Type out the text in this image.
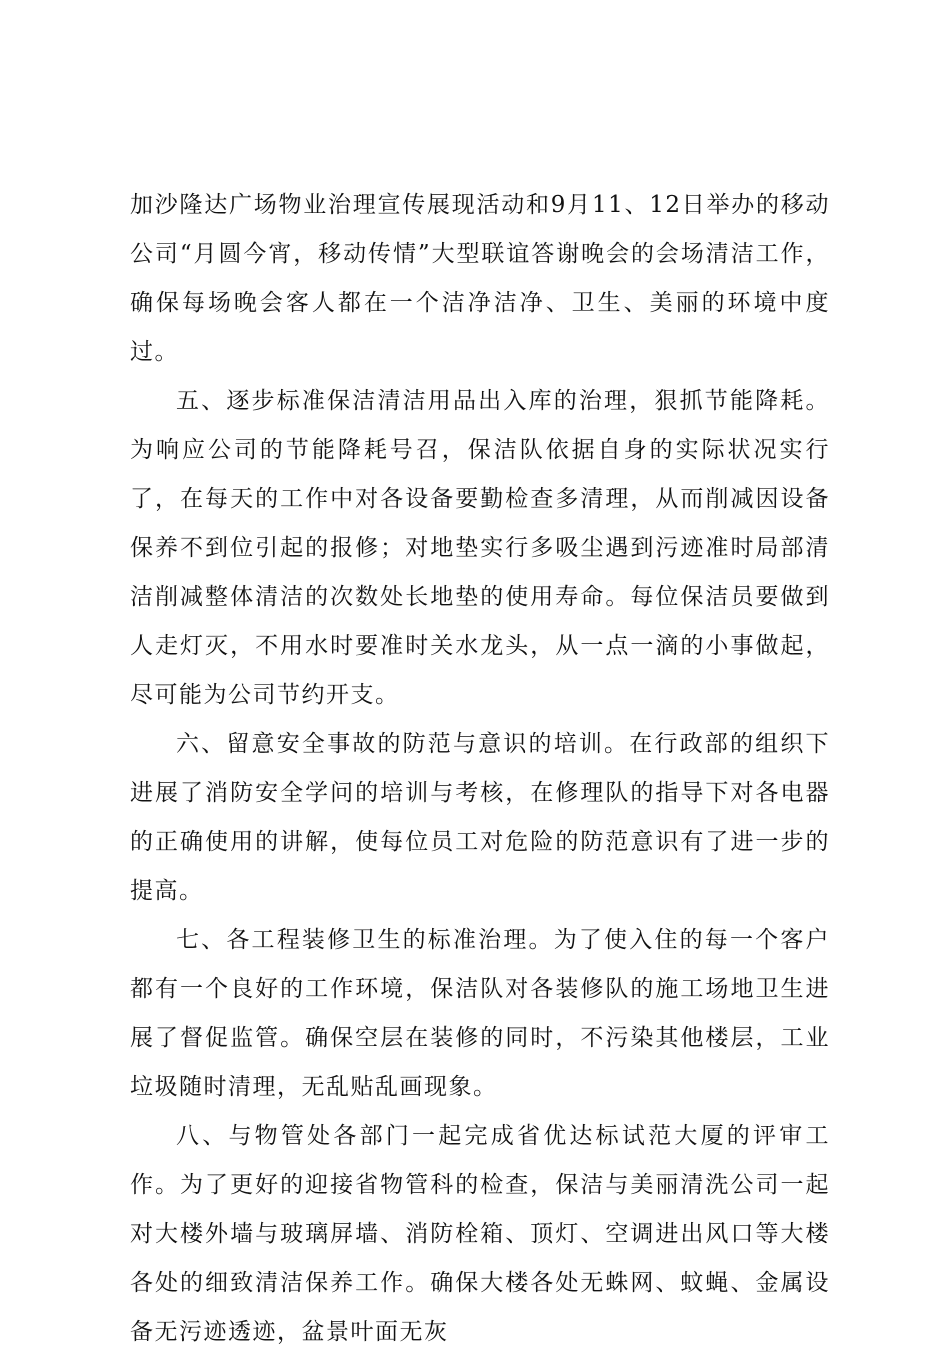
加沙隆达广场物业治理宣传展现活动和9月11、12日举办的移动公司“月圆今宵，移动传情”大型联谊答谢晚会的会场清洁工作，确保每场晚会客人都在一个洁净洁净、卫生、美丽的环境中度过。

五、逐步标准保洁清洁用品出入库的治理，狠抓节能降耗。为响应公司的节能降耗号召，保洁队依据自身的实际状况实行了，在每天的工作中对各设备要勤检查多清理，从而削减因设备保养不到位引起的报修；对地垫实行多吸尘遇到污迹准时局部清洁削减整体清洁的次数处长地垫的使用寿命。每位保洁员要做到人走灯灭，不用水时要准时关水龙头，从一点一滴的小事做起，尽可能为公司节约开支。

六、留意安全事故的防范与意识的培训。在行政部的组织下进展了消防安全学问的培训与考核，在修理队的指导下对各电器的正确使用的讲解，使每位员工对危险的防范意识有了进一步的提高。

七、各工程装修卫生的标准治理。为了使入住的每一个客户都有一个良好的工作环境，保洁队对各装修队的施工场地卫生进展了督促监管。确保空层在装修的同时，不污染其他楼层，工业垃圾随时清理，无乱贴乱画现象。

八、与物管处各部门一起完成省优达标试范大厦的评审工作。为了更好的迎接省物管科的检查，保洁与美丽清洗公司一起对大楼外墙与玻璃屏墙、消防栓箱、顶灯、空调进出风口等大楼各处的细致清洁保养工作。确保大楼各处无蛛网、蚊蝇、金属设备无污迹透迹，盆景叶面无灰
